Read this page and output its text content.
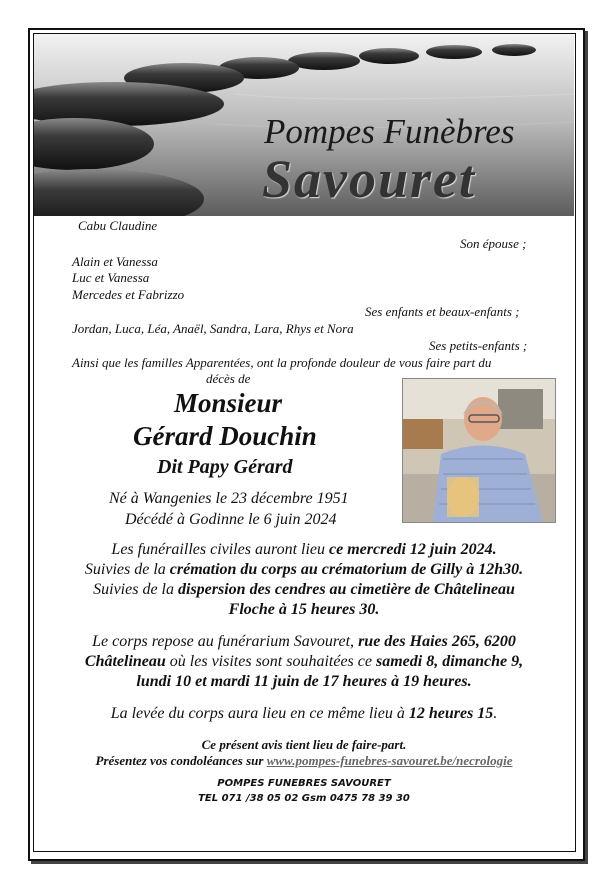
Pompes Funèbres
Savouret
Cabu Claudine
Son épouse ;
Alain et Vanessa
Luc et Vanessa
Mercedes et Fabrizzo
Ses enfants et beaux-enfants ;
Jordan, Luca, Léa, Anaël, Sandra, Lara, Rhys et Nora
Ses petits-enfants ;
Ainsi que les familles Apparentées, ont la profonde douleur de vous faire part du
décès de
Monsieur
Gérard Douchin
Dit Papy Gérard
Né à Wangenies le 23 décembre 1951
Décédé à Godinne le 6 juin 2024
Les funérailles civiles auront lieu ce mercredi 12 juin 2024.
Suivies de la crémation du corps au crématorium de Gilly à 12h30.
Suivies de la dispersion des cendres au cimetière de Châtelineau
Floche à 15 heures 30.
Le corps repose au funérarium Savouret, rue des Haies 265, 6200
Châtelineau où les visites sont souhaitées ce samedi 8, dimanche 9,
lundi 10 et mardi 11 juin de 17 heures à 19 heures.
La levée du corps aura lieu en ce même lieu à 12 heures 15.
Ce présent avis tient lieu de faire-part.
Présentez vos condoléances sur www.pompes-funebres-savouret.be/necrologie
POMPES FUNEBRES SAVOURET
TEL 071 /38 05 02 Gsm 0475 78 39 30
